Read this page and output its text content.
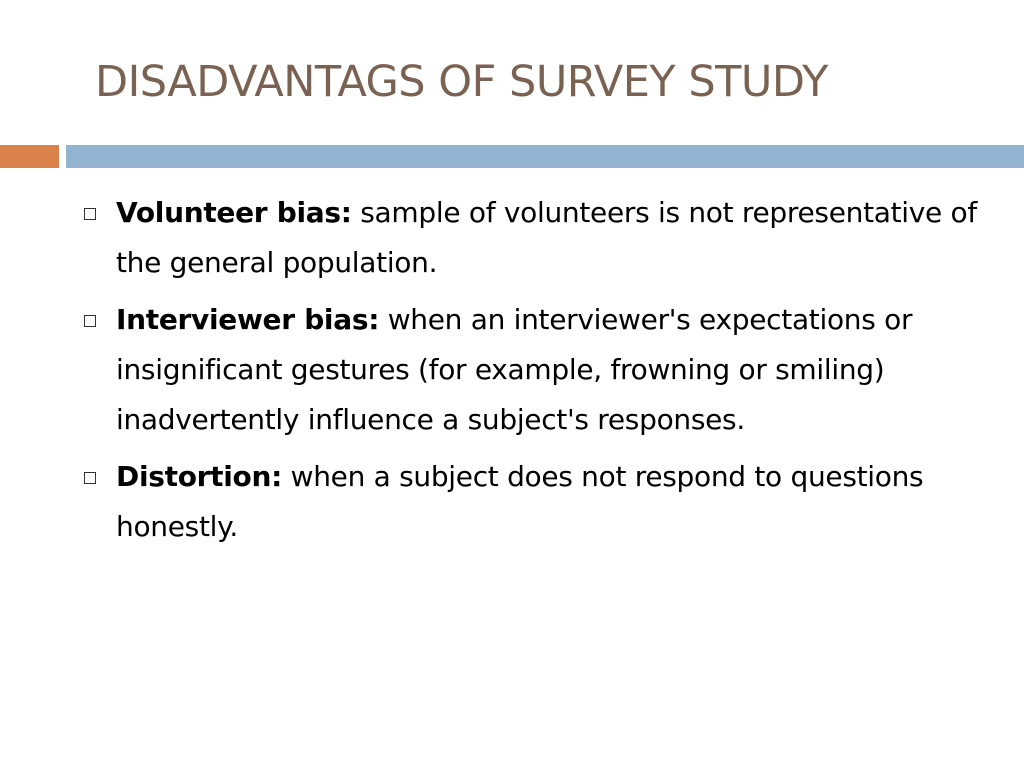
DISADVANTAGS OF SURVEY STUDY
Volunteer bias: sample of volunteers is not representative of the general population.
Interviewer bias: when an interviewer's expectations or insignificant gestures (for example, frowning or smiling) inadvertently influence a subject's responses.
Distortion: when a subject does not respond to questions honestly.
